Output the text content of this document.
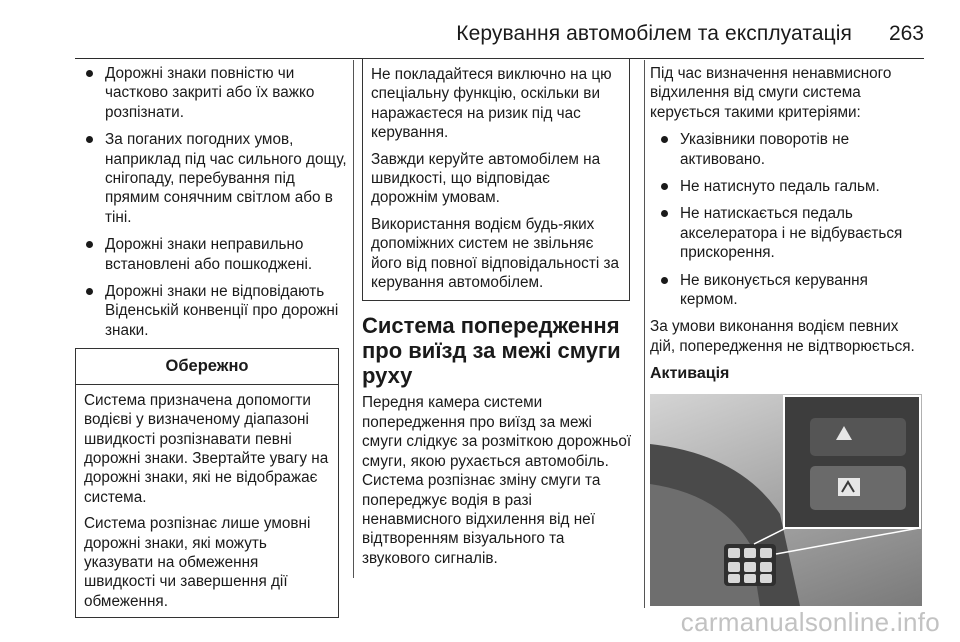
Керування автомобілем та експлуатація 263
Дорожні знаки повністю чи частково закриті або їх важко розпізнати.
За поганих погодних умов, наприклад під час сильного дощу, снігопаду, перебування під прямим сонячним світлом або в тіні.
Дорожні знаки неправильно встановлені або пошкоджені.
Дорожні знаки не відповідають Віденській конвенції про дорожні знаки.
Обережно

Система призначена допомогти водієві у визначеному діапазоні швидкості розпізнавати певні дорожні знаки. Звертайте увагу на дорожні знаки, які не відображає система.

Система розпізнає лише умовні дорожні знаки, які можуть указувати на обмеження швидкості чи завершення дії обмеження.

Не покладайтеся виключно на цю спеціальну функцію, оскільки ви наражаєтеся на ризик під час керування.

Завжди керуйте автомобілем на швидкості, що відповідає дорожнім умовам.

Використання водієм будь-яких допоміжних систем не звільняє його від повної відповідальності за керування автомобілем.

Система попередження про виїзд за межі смуги руху

Передня камера системи попередження про виїзд за межі смуги слідкує за розміткою дорожньої смуги, якою рухається автомобіль. Система розпізнає зміну смуги та попереджує водія в разі ненавмисного відхилення від неї відтворенням візуального та звукового сигналів.

Під час визначення ненавмисного відхилення від смуги система керується такими критеріями:

Указівники поворотів не активовано.
Не натиснуто педаль гальм.
Не натискається педаль акселератора і не відбувається прискорення.
Не виконується керування кермом.

За умови виконання водієм певних дій, попередження не відтворюється.

Активація
carmanualsonline.info
